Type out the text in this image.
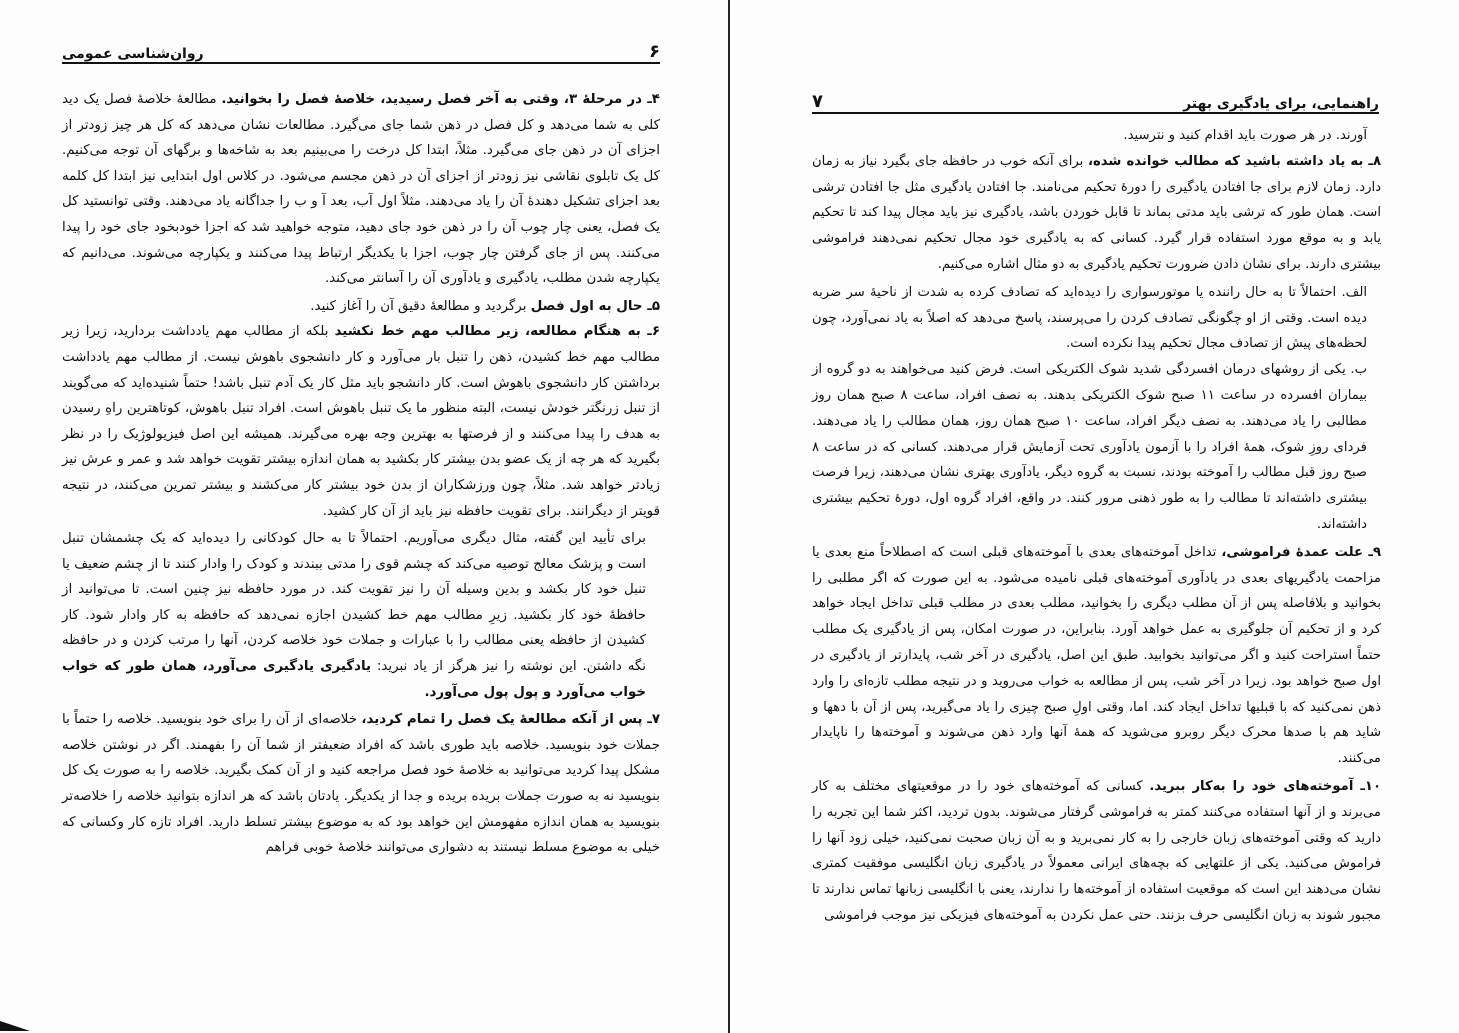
۶
روان‌شناسی عمومی

۴ـ در مرحلهٔ ۳، وقتی به آخر فصل رسیدید، خلاصهٔ فصل را بخوانید. مطالعهٔ خلاصهٔ فصل یک دید کلی به شما می‌دهد و کل فصل در ذهن شما جای می‌گیرد. مطالعات نشان می‌دهد که کل هر چیز زودتر از اجزای آن در ذهن جای می‌گیرد. مثلاً، ابتدا کل درخت را می‌بینیم بعد به شاخه‌ها و برگهای آن توجه می‌کنیم. کل یک تابلوی نقاشی نیز زودتر از اجزای آن در ذهن مجسم می‌شود. در کلاس اول ابتدایی نیز ابتدا کل کلمه بعد اجزای تشکیل دهندهٔ آن را یاد می‌دهند. مثلاً اول آب، بعد آ و ب را جداگانه یاد می‌دهند. وقتی توانستید کل یک فصل، یعنی چار چوب آن را در ذهن خود جای دهید، متوجه خواهید شد که اجزا خودبخود جای خود را پیدا می‌کنند. پس از جای گرفتن چار چوب، اجزا با یکدیگر ارتباط پیدا می‌کنند و یکپارچه می‌شوند. می‌دانیم که یکپارچه شدن مطلب، یادگیری و یادآوری آن را آسانتر می‌کند.

۵ـ حال به اول فصل برگردید و مطالعهٔ دقیق آن را آغاز کنید.

۶ـ به هنگام مطالعه، زیر مطالب مهم خط نکشید بلکه از مطالب مهم یادداشت بردارید، زیرا زیر مطالب مهم خط کشیدن، ذهن را تنبل بار می‌آورد و کار دانشجوی باهوش نیست. از مطالب مهم یادداشت برداشتن کار دانشجوی باهوش است. کار دانشجو باید مثل کار یک آدم تنبل باشد! حتماً شنیده‌اید که می‌گویند از تنبل زرنگتر خودش نیست، البته منظور ما یک تنبل باهوش است. افراد تنبل باهوش، کوتاهترین راهِ رسیدن به هدف را پیدا می‌کنند و از فرصتها به بهترین وجه بهره می‌گیرند. همیشه این اصل فیزیولوژیک را در نظر بگیرید که هر چه از یک عضو بدن بیشتر کار بکشید به همان اندازه بیشتر تقویت خواهد شد و عمر و عرش نیز زیادتر خواهد شد. مثلاً، چون ورزشکاران از بدن خود بیشتر کار می‌کشند و بیشتر تمرین می‌کنند، در نتیجه قویتر از دیگرانند. برای تقویت حافظه نیز باید از آن کار کشید.

برای تأیید این گفته، مثال دیگری می‌آوریم. احتمالاً تا به حال کودکانی را دیده‌اید که یک چشمشان تنبل است و پزشک معالج توصیه می‌کند که چشم قوی را مدتی ببندند و کودک را وادار کنند تا از چشم ضعیف یا تنبل خود کار بکشد و بدین وسیله آن را نیز تقویت کند. در مورد حافظه نیز چنین است. تا می‌توانید از حافظهٔ خود کار بکشید. زیرِ مطالب مهم خط کشیدن اجازه نمی‌دهد که حافظه به کار وادار شود. کار کشیدن از حافظه یعنی مطالب را با عبارات و جملات خود خلاصه کردن، آنها را مرتب کردن و در حافظه نگه داشتن. این نوشته را نیز هرگز از یاد نبرید: یادگیری یادگیری می‌آورد، همان طور که خواب خواب می‌آورد و پول پول می‌آورد.

۷ـ پس از آنکه مطالعهٔ یک فصل را تمام کردید، خلاصه‌ای از آن را برای خود بنویسید. خلاصه را حتماً با جملات خود بنویسید. خلاصه باید طوری باشد که افراد ضعیفتر از شما آن را بفهمند. اگر در نوشتن خلاصه مشکل پیدا کردید می‌توانید به خلاصهٔ خود فصل مراجعه کنید و از آن کمک بگیرید. خلاصه را به صورت یک کل بنویسید نه به صورت جملات بریده بریده و جدا از یکدیگر. یادتان باشد که هر اندازه بتوانید خلاصه را خلاصه‌تر بنویسید به همان اندازه مفهومش این خواهد بود که به موضوع بیشتر تسلط دارید. افراد تازه کار وکسانی که خیلی به موضوع مسلط نیستند به دشواری می‌توانند خلاصهٔ خوبی فراهم

راهنمایی، برای یادگیری بهتر
۷

آورند. در هر صورت باید اقدام کنید و نترسید.

۸ـ به یاد داشته باشید که مطالب خوانده شده، برای آنکه خوب در حافظه جای بگیرد نیاز به زمان دارد. زمان لازم برای جا افتادن یادگیری را دورهٔ تحکیم می‌نامند. جا افتادن یادگیری مثل جا افتادن ترشی است. همان طور که ترشی باید مدتی بماند تا قابل خوردن باشد، یادگیری نیز باید مجال پیدا کند تا تحکیم یابد و به موقع مورد استفاده قرار گیرد. کسانی که به یادگیری خود مجال تحکیم نمی‌دهند فراموشی بیشتری دارند. برای نشان دادن ضرورت تحکیم یادگیری به دو مثال اشاره می‌کنیم.

الف. احتمالاً تا به حال راننده یا موتورسواری را دیده‌اید که تصادف کرده به شدت از ناحیهٔ سر ضربه دیده است. وقتی از او چگونگی تصادف کردن را می‌پرسند، پاسخ می‌دهد که اصلاً به یاد نمی‌آورد، چون لحظه‌های پیش از تصادف مجال تحکیم پیدا نکرده است.

ب. یکی از روشهای درمان افسردگی شدید شوک الکتریکی است. فرض کنید می‌خواهند به دو گروه از بیماران افسرده در ساعت ۱۱ صبح شوک الکتریکی بدهند. به نصف افراد، ساعت ۸ صبح همان روز مطالبی را یاد می‌دهند. به نصف دیگر افراد، ساعت ۱۰ صبح همان روز، همان مطالب را یاد می‌دهند. فردای روزِ شوک، همهٔ افراد را با آزمون یادآوری تحت آزمایش قرار می‌دهند. کسانی که در ساعت ۸ صبح روز قبل مطالب را آموخته بودند، نسبت به گروه دیگر، یادآوری بهتری نشان می‌دهند، زیرا فرصت بیشتری داشته‌اند تا مطالب را به طور ذهنی مرور کنند. در واقع، افراد گروه اول، دورهٔ تحکیم بیشتری داشته‌اند.

۹ـ علت عمدهٔ فراموشی، تداخل آموخته‌های بعدی با آموخته‌های قبلی است که اصطلاحاً منع بعدی یا مزاحمت یادگیریهای بعدی در یادآوری آموخته‌های قبلی نامیده می‌شود. به این صورت که اگر مطلبی را بخوانید و بلافاصله پس از آن مطلب دیگری را بخوانید، مطلب بعدی در مطلب قبلی تداخل ایجاد خواهد کرد و از تحکیم آن جلوگیری به عمل خواهد آورد. بنابراین، در صورت امکان، پس از یادگیری یک مطلب حتماً استراحت کنید و اگر می‌توانید بخوابید. طبق این اصل، یادگیری در آخر شب، پایدارتر از یادگیری در اول صبح خواهد بود. زیرا در آخر شب، پس از مطالعه به خواب می‌روید و در نتیجه مطلب تازه‌ای را وارد ذهن نمی‌کنید که با قبلیها تداخل ایجاد کند. اما، وقتی اولِ صبح چیزی را یاد می‌گیرید، پس از آن با دهها و شاید هم با صدها محرک دیگر روبرو می‌شوید که همهٔ آنها وارد ذهن می‌شوند و آموخته‌ها را ناپایدار می‌کنند.

۱۰ـ آموخته‌های خود را به‌کار ببرید. کسانی که آموخته‌های خود را در موقعیتهای مختلف به کار می‌برند و از آنها استفاده می‌کنند کمتر به فراموشی گرفتار می‌شوند. بدون تردید، اکثر شما این تجربه را دارید که وقتی آموخته‌های زبان خارجی را به کار نمی‌برید و به آن زبان صحبت نمی‌کنید، خیلی زود آنها را فراموش می‌کنید. یکی از علتهایی که بچه‌های ایرانی معمولاً در یادگیری زبان انگلیسی موفقیت کمتری نشان می‌دهند این است که موقعیت استفاده از آموخته‌ها را ندارند، یعنی با انگلیسی زبانها تماس ندارند تا مجبور شوند به زبان انگلیسی حرف بزنند. حتی عمل نکردن به آموخته‌های فیزیکی نیز موجب فراموشی
